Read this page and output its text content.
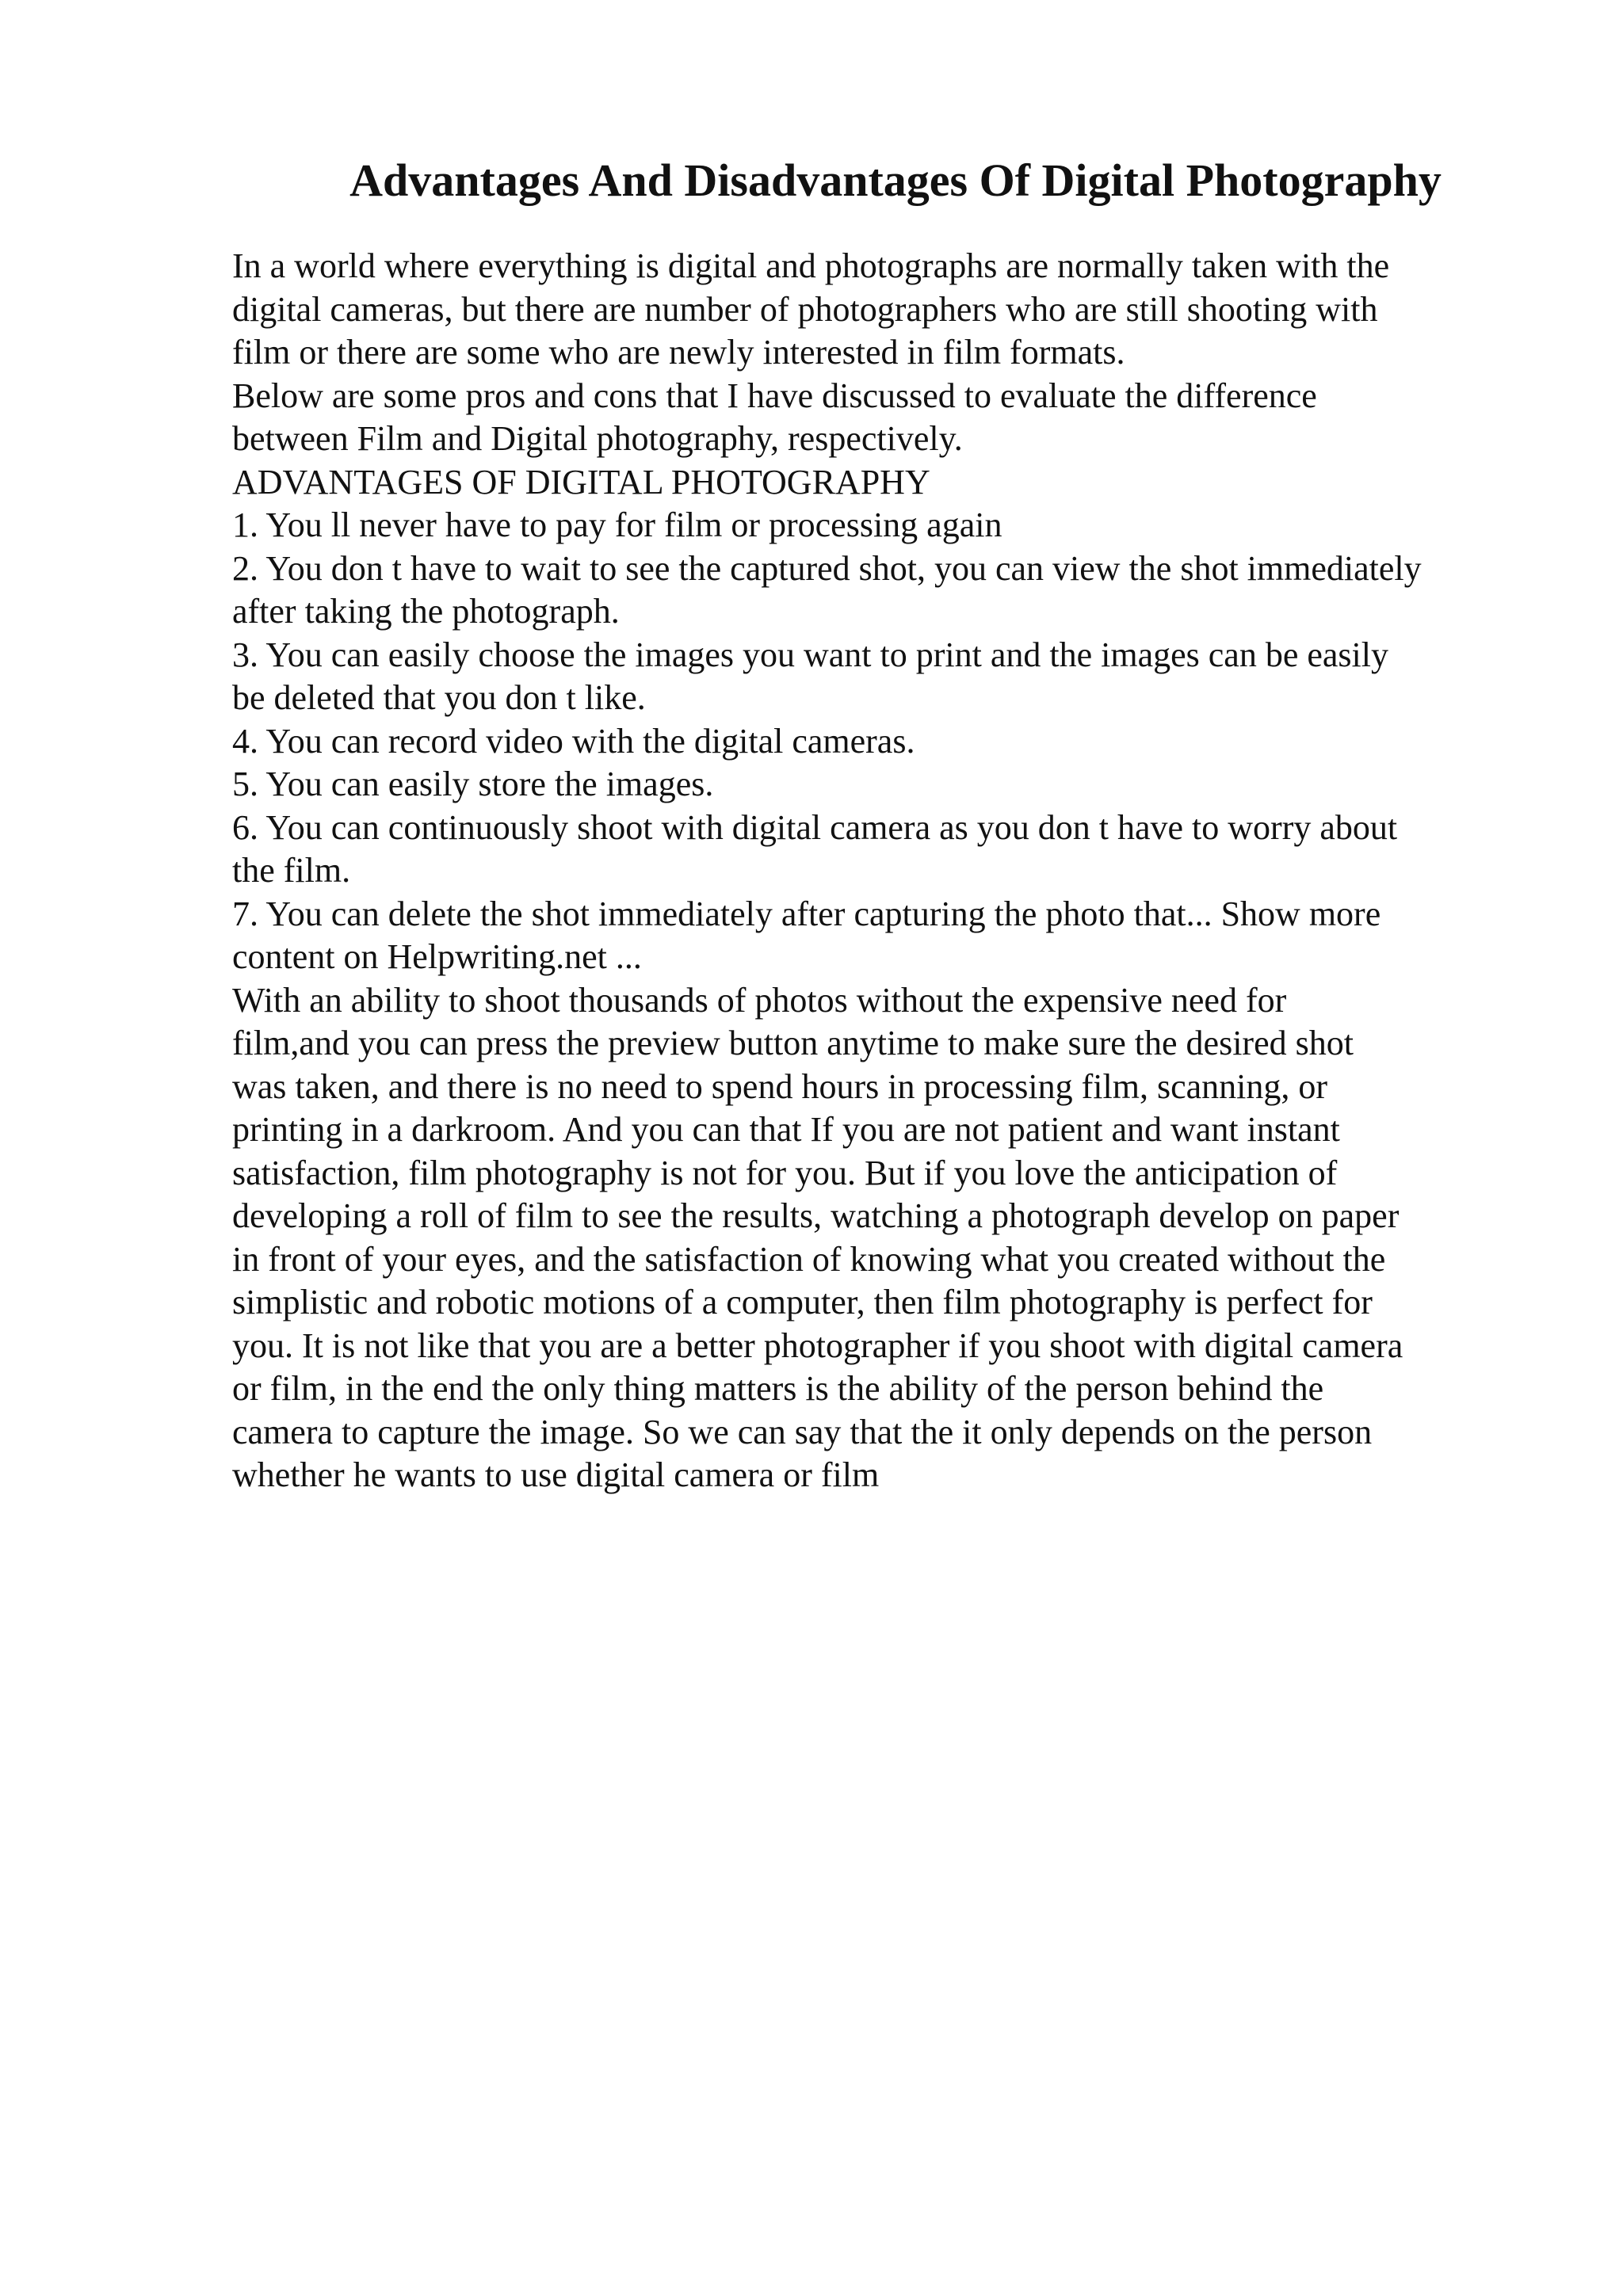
Advantages And Disadvantages Of Digital Photography
In a world where everything is digital and photographs are normally taken with the
digital cameras, but there are number of photographers who are still shooting with
film or there are some who are newly interested in film formats.
Below are some pros and cons that I have discussed to evaluate the difference
between Film and Digital photography, respectively.
ADVANTAGES OF DIGITAL PHOTOGRAPHY
1. You ll never have to pay for film or processing again
2. You don t have to wait to see the captured shot, you can view the shot immediately
after taking the photograph.
3. You can easily choose the images you want to print and the images can be easily
be deleted that you don t like.
4. You can record video with the digital cameras.
5. You can easily store the images.
6. You can continuously shoot with digital camera as you don t have to worry about
the film.
7. You can delete the shot immediately after capturing the photo that... Show more
content on Helpwriting.net ...
With an ability to shoot thousands of photos without the expensive need for
film,and you can press the preview button anytime to make sure the desired shot
was taken, and there is no need to spend hours in processing film, scanning, or
printing in a darkroom. And you can that If you are not patient and want instant
satisfaction, film photography is not for you. But if you love the anticipation of
developing a roll of film to see the results, watching a photograph develop on paper
in front of your eyes, and the satisfaction of knowing what you created without the
simplistic and robotic motions of a computer, then film photography is perfect for
you. It is not like that you are a better photographer if you shoot with digital camera
or film, in the end the only thing matters is the ability of the person behind the
camera to capture the image. So we can say that the it only depends on the person
whether he wants to use digital camera or film
